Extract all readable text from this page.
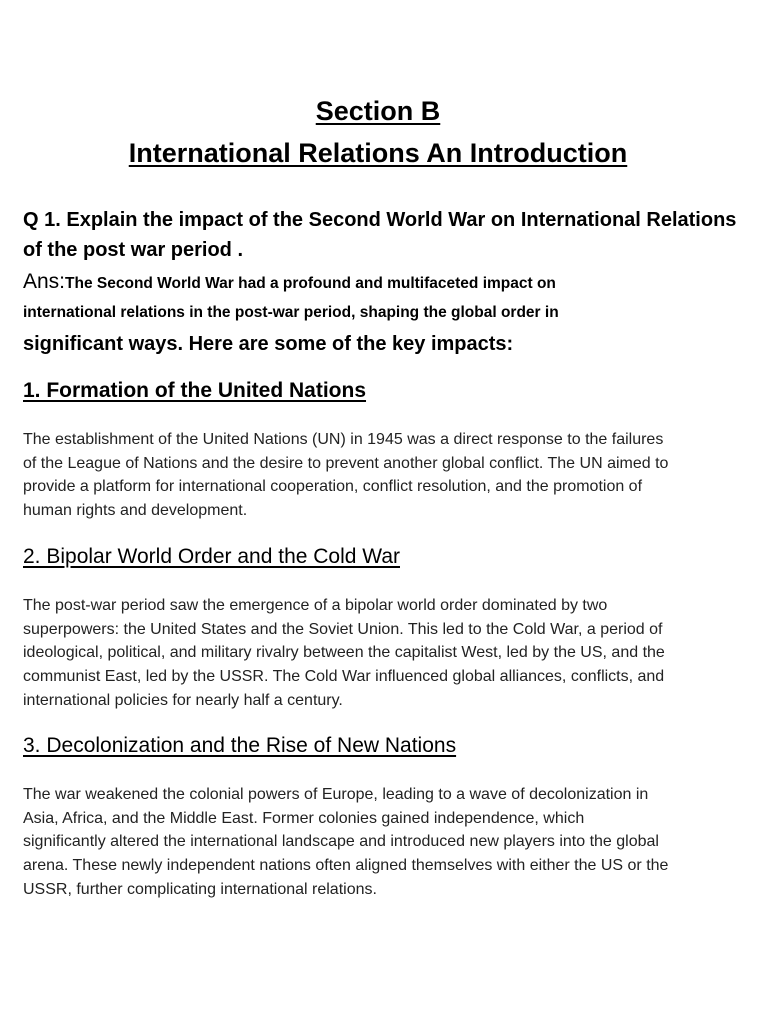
Section B
International Relations An Introduction
Q 1. Explain the impact of the Second World War on International Relations of the post war period .
Ans:The Second World War had a profound and multifaceted impact on
international relations in the post-war period, shaping the global order in
significant ways. Here are some of the key impacts:
1. Formation of the United Nations
The establishment of the United Nations (UN) in 1945 was a direct response to the failures
of the League of Nations and the desire to prevent another global conflict. The UN aimed to
provide a platform for international cooperation, conflict resolution, and the promotion of
human rights and development.
2. Bipolar World Order and the Cold War
The post-war period saw the emergence of a bipolar world order dominated by two
superpowers: the United States and the Soviet Union. This led to the Cold War, a period of
ideological, political, and military rivalry between the capitalist West, led by the US, and the
communist East, led by the USSR. The Cold War influenced global alliances, conflicts, and
international policies for nearly half a century.
3. Decolonization and the Rise of New Nations
The war weakened the colonial powers of Europe, leading to a wave of decolonization in
Asia, Africa, and the Middle East. Former colonies gained independence, which
significantly altered the international landscape and introduced new players into the global
arena. These newly independent nations often aligned themselves with either the US or the
USSR, further complicating international relations.
